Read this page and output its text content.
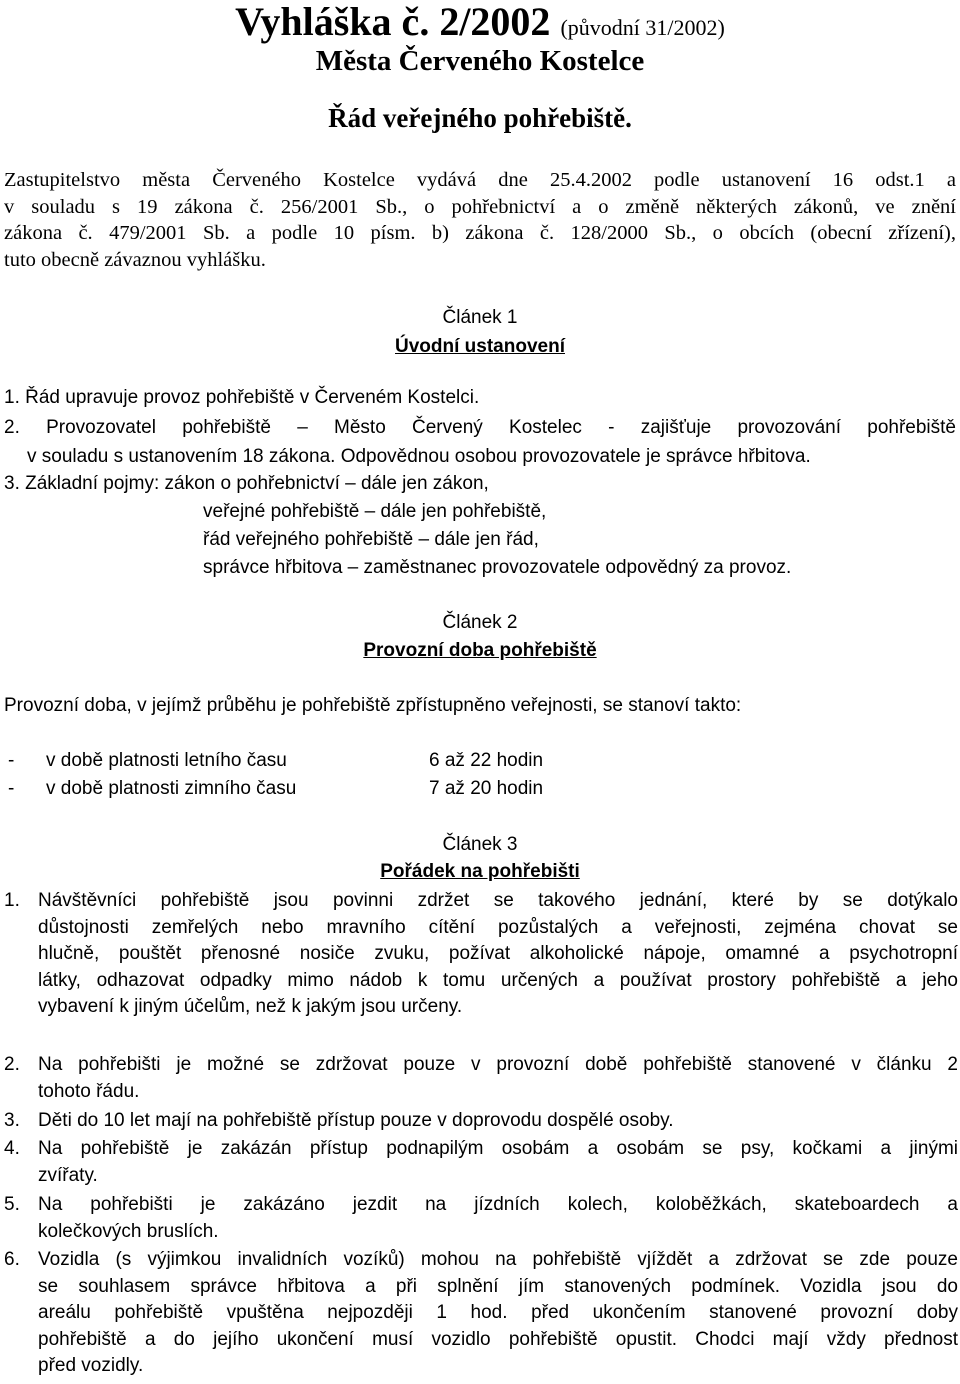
Vyhláška č. 2/2002 (původní 31/2002)
Města Červeného Kostelce
Řád veřejného pohřebiště.
Zastupitelstvo města Červeného Kostelce vydává dne 25.4.2002 podle ustanovení 16 odst.1 a
v souladu s 19 zákona č. 256/2001 Sb., o pohřebnictví a o změně některých zákonů, ve znění
zákona č. 479/2001 Sb. a podle 10 písm. b) zákona č. 128/2000 Sb., o obcích (obecní zřízení),
tuto obecně závaznou vyhlášku.
Článek 1
Úvodní ustanovení
1. Řád upravuje provoz pohřebiště v Červeném Kostelci.
2. Provozovatel pohřebiště – Město Červený Kostelec - zajišťuje provozování pohřebiště
v souladu s ustanovením 18 zákona. Odpovědnou osobou provozovatele je správce hřbitova.
3. Základní pojmy: zákon o pohřebnictví – dále jen zákon,
veřejné pohřebiště – dále jen pohřebiště,
řád veřejného pohřebiště – dále jen řád,
správce hřbitova – zaměstnanec provozovatele odpovědný za provoz.
Článek 2
Provozní doba pohřebiště
Provozní doba, v jejímž průběhu je pohřebiště zpřístupněno veřejnosti, se stanoví takto:
- v době platnosti letního času	6 až 22 hodin
- v době platnosti zimního času	7 až 20 hodin
Článek 3
Pořádek na pohřebišti
1. Návštěvníci pohřebiště jsou povinni zdržet se takového jednání, které by se dotýkalo
důstojnosti zemřelých nebo mravního cítění pozůstalých a veřejnosti, zejména chovat se
hlučně, pouštět přenosné nosiče zvuku, požívat alkoholické nápoje, omamné a psychotropní
látky, odhazovat odpadky mimo nádob k tomu určených a používat prostory pohřebiště a jeho
vybavení k jiným účelům, než k jakým jsou určeny.
2. Na pohřebišti je možné se zdržovat pouze v provozní době pohřebiště stanovené v článku 2
tohoto řádu.
3. Děti do 10 let mají na pohřebiště přístup pouze v doprovodu dospělé osoby.
4. Na pohřebiště je zakázán přístup podnapilým osobám a osobám se psy, kočkami a jinými
zvířaty.
5. Na pohřebišti je zakázáno jezdit na jízdních kolech, koloběžkách, skateboardech a
kolečkových bruslích.
6. Vozidla (s výjimkou invalidních vozíků) mohou na pohřebiště vjíždět a zdržovat se zde pouze
se souhlasem správce hřbitova a při splnění jím stanovených podmínek. Vozidla jsou do
areálu pohřebiště vpuštěna nejpozději 1 hod. před ukončením stanovené provozní doby
pohřebiště a do jejího ukončení musí vozidlo pohřebiště opustit. Chodci mají vždy přednost
před vozidly.
